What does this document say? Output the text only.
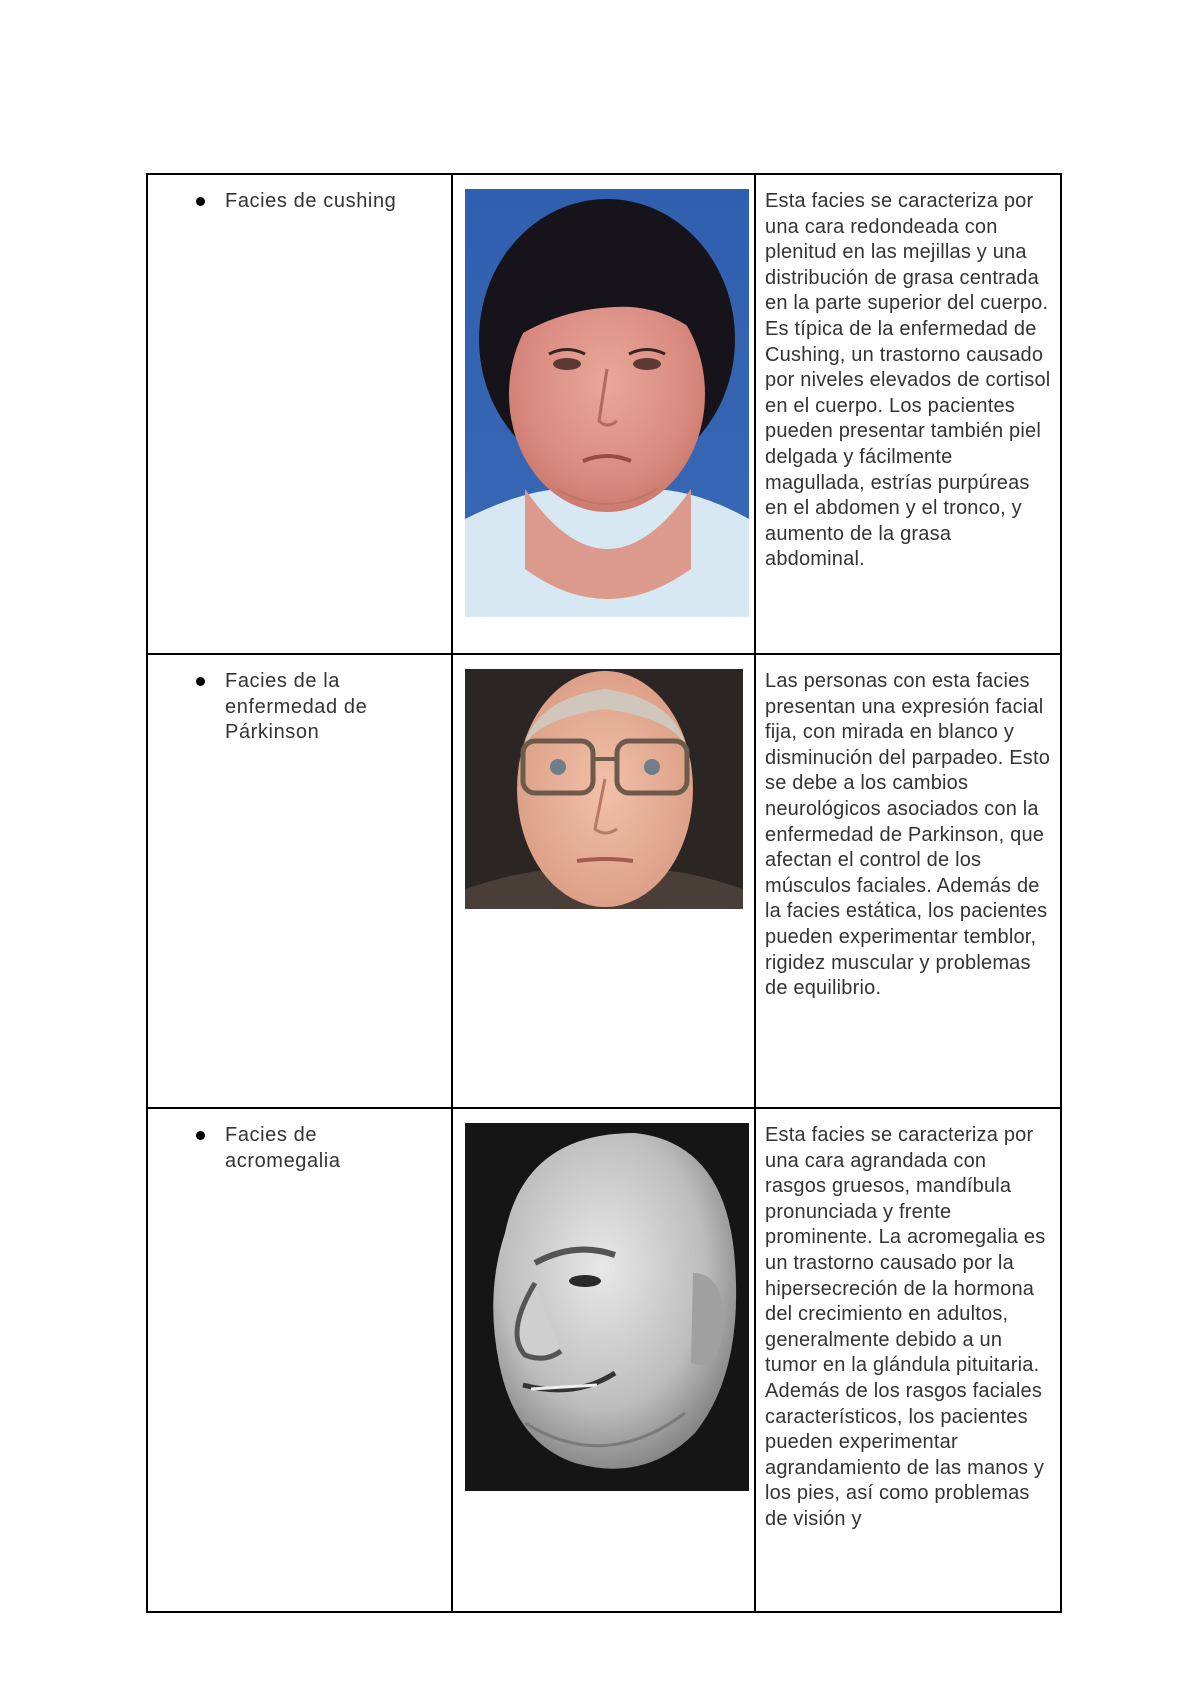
Facies de cushing		Esta facies se caracteriza por una cara redondeada con plenitud en las mejillas y una distribución de grasa centrada en la parte superior del cuerpo. Es típica de la enfermedad de Cushing, un trastorno causado por niveles elevados de cortisol en el cuerpo. Los pacientes pueden presentar también piel delgada y fácilmente magullada, estrías purpúreas en el abdomen y el tronco, y aumento de la grasa abdominal.

Facies de la enfermedad de Párkinson		Las personas con esta facies presentan una expresión facial fija, con mirada en blanco y disminución del parpadeo. Esto se debe a los cambios neurológicos asociados con la enfermedad de Parkinson, que afectan el control de los músculos faciales. Además de la facies estática, los pacientes pueden experimentar temblor, rigidez muscular y problemas de equilibrio.

Facies de acromegalia		Esta facies se caracteriza por una cara agrandada con rasgos gruesos, mandíbula pronunciada y frente prominente. La acromegalia es un trastorno causado por la hipersecreción de la hormona del crecimiento en adultos, generalmente debido a un tumor en la glándula pituitaria. Además de los rasgos faciales característicos, los pacientes pueden experimentar agrandamiento de las manos y los pies, así como problemas de visión y
